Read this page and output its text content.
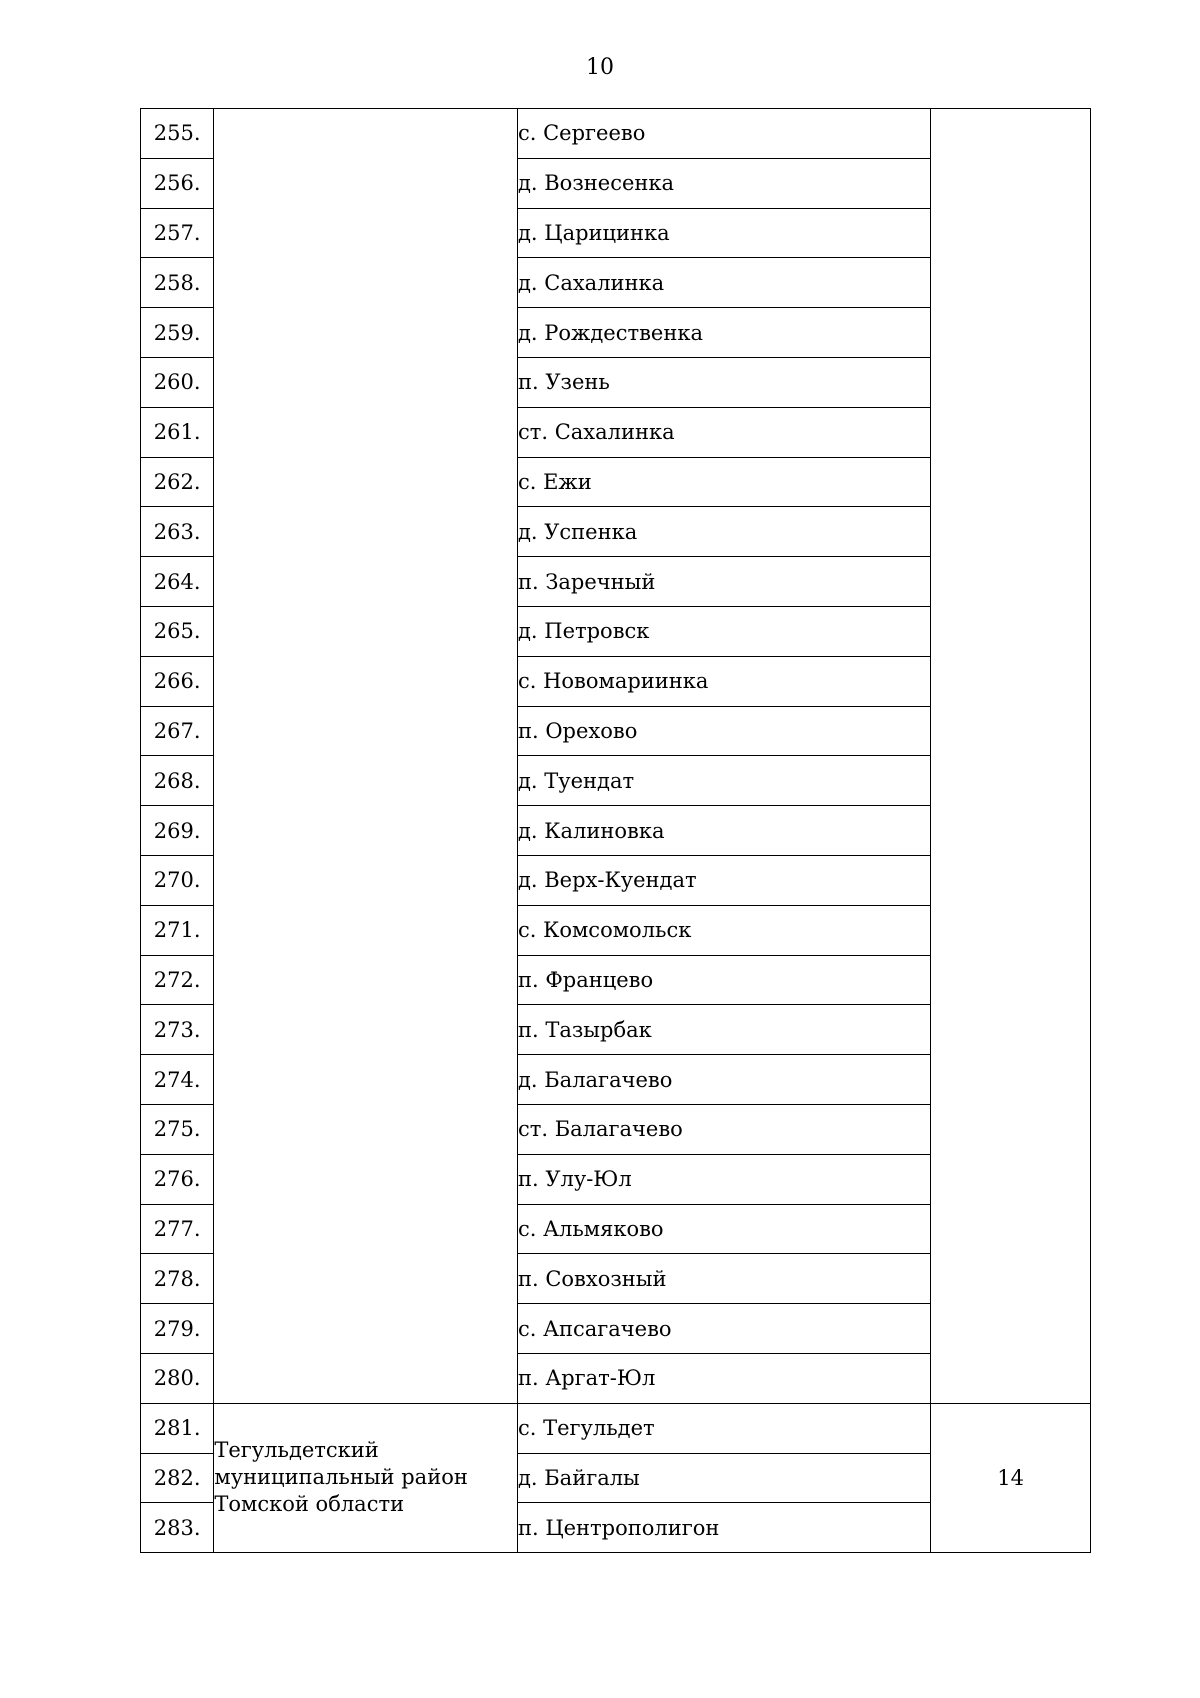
10
255.		с. Сергеево	
256.		д. Вознесенка	
257.		д. Царицинка	
258.		д. Сахалинка	
259.		д. Рождественка	
260.		п. Узень	
261.		ст. Сахалинка	
262.		с. Ежи	
263.		д. Успенка	
264.		п. Заречный	
265.		д. Петровск	
266.		с. Новомариинка	
267.		п. Орехово	
268.		д. Туендат	
269.		д. Калиновка	
270.		д. Верх-Куендат	
271.		с. Комсомольск	
272.		п. Францево	
273.		п. Тазырбак	
274.		д. Балагачево	
275.		ст. Балагачево	
276.		п. Улу-Юл	
277.		с. Альмяково	
278.		п. Совхозный	
279.		с. Апсагачево	
280.		п. Аргат-Юл	
281.	Тегульдетский
муниципальный район
Томской области	с. Тегульдет	14
282.		д. Байгалы	
283.		п. Центрополигон	
